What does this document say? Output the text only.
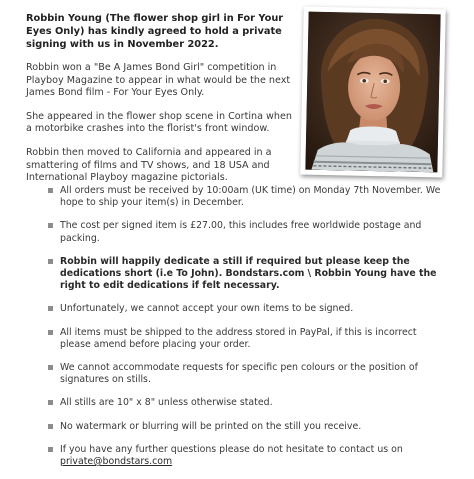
Robbin Young (The flower shop girl in For Your Eyes Only) has kindly agreed to hold a private signing with us in November 2022.

Robbin won a "Be A James Bond Girl" competition in Playboy Magazine to appear in what would be the next James Bond film - For Your Eyes Only.

She appeared in the flower shop scene in Cortina when a motorbike crashes into the florist's front window.

Robbin then moved to California and appeared in a smattering of films and TV shows, and 18 USA and International Playboy magazine pictorials.

All orders must be received by 10:00am (UK time) on Monday 7th November. We hope to ship your item(s) in December.
The cost per signed item is £27.00, this includes free worldwide postage and packing.
Robbin will happily dedicate a still if required but please keep the dedications short (i.e To John). Bondstars.com \ Robbin Young have the right to edit dedications if felt necessary.
Unfortunately, we cannot accept your own items to be signed.
All items must be shipped to the address stored in PayPal, if this is incorrect please amend before placing your order.
We cannot accommodate requests for specific pen colours or the position of signatures on stills.
All stills are 10" x 8" unless otherwise stated.
No watermark or blurring will be printed on the still you receive.
If you have any further questions please do not hesitate to contact us on private@bondstars.com
